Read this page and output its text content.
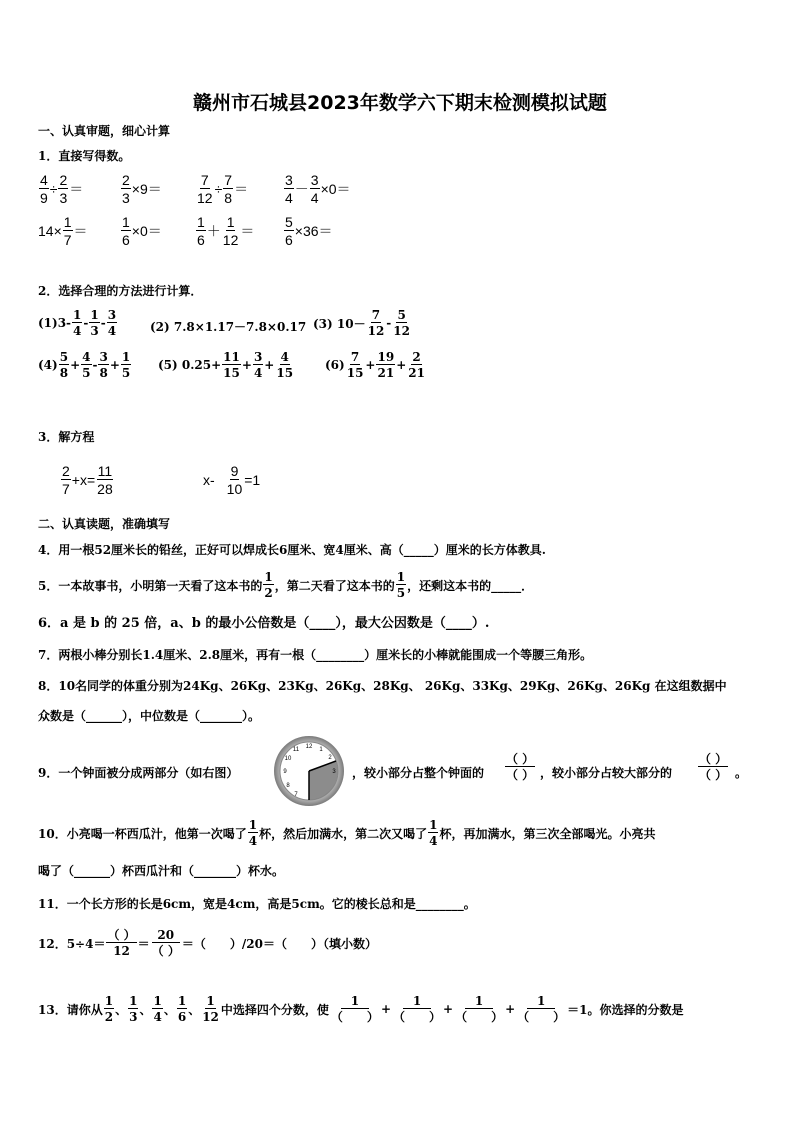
赣州市石城县2023年数学六下期末检测模拟试题
一、认真审题，细心计算
1．直接写得数。
$\frac{4}{9} \div \frac{2}{3}$ ＝	$\frac{2}{3} \times 9= \frac{7}{12} \div \frac{7}{8}$ ＝	$\frac{3}{4} - \frac{3}{4} \times 0=$
$14\times \frac{1}{7} = \frac{1}{6} \times 0= \frac{1}{6} + \frac{1}{12} = \frac{5}{6} \times 36=$
2．选择合理的方法进行计算．
$(1)3- \frac{1}{4} - \frac{1}{3} - \frac{3}{4}$	(2) 7.8×1.17－7.8×0.17 (3) $10- \frac{7}{12} - \frac{5}{12}$
$(4) \frac{5}{8} + \frac{4}{5} - \frac{3}{8} + \frac{1}{5} (5)$ $0.25+ \frac{11}{15} + \frac{3}{4} + \frac{4}{15}$	$(6) \frac{7}{15} + \frac{19}{21} + \frac{2}{21}$
3．解方程
$\frac{2}{7} +x= \frac{11}{28}$	$x- \frac{9}{10} =1$
二、认真读题，准确填写
4．用一根52厘米长的铅丝，正好可以焊成长6厘米、宽4厘米、高（_____）厘米的长方体教具.
5．一本故事书，小明第一天看了这本书的 $\frac{1}{2}$ ，第二天看了这本书的 $\frac{1}{5}$ ，还剩这本书的_____．
6．a 是 b 的 25 倍，a、b 的最小公倍数是（____），最大公因数是（____）.
7．两根小棒分别长1.4厘米、2.8厘米，再有一根（________）厘米长的小棒就能围成一个等腰三角形。
8．10名同学的体重分别为24Kg、26Kg、23Kg、26Kg、28Kg、 26Kg、33Kg、29Kg、26Kg、26Kg 在这组数据中
众数是（______），中位数是（_______）。
9．一个钟面被分成两部分（如右图）
12 1
2
3
9
10
11
8
7
，较小部分占整个钟面的 $\frac{( )}{( )}$ ，较小部分占较大部分的 $\frac{( )}{( )}$ 。
10．小亮喝一杯西瓜汁，他第一次喝了 $\frac{1}{4}$ 杯，然后加满水，第二次又喝了 $\frac{1}{4}$ 杯，再加满水，第三次全部喝光。小亮共
喝了（______）杯西瓜汁和（_______）杯水。
11．一个长方形的长是6cm，宽是4cm，高是5cm。它的棱长总和是________。
12．$5\div 4= \frac{( )}{12} = \frac{20}{( )}$ ＝（　　）/20＝（　　）（填小数）
13．请你从 $\frac{1}{2}$ 、 $\frac{1}{3}$ 、 $\frac{1}{4}$ 、 $\frac{1}{6}$ 、 $\frac{1}{12}$ 中选择四个分数，使 $\frac{1}{( )} + \frac{1}{( )} + \frac{1}{( )} + \frac{1}{( )} =1$ 。你选择的分数是
